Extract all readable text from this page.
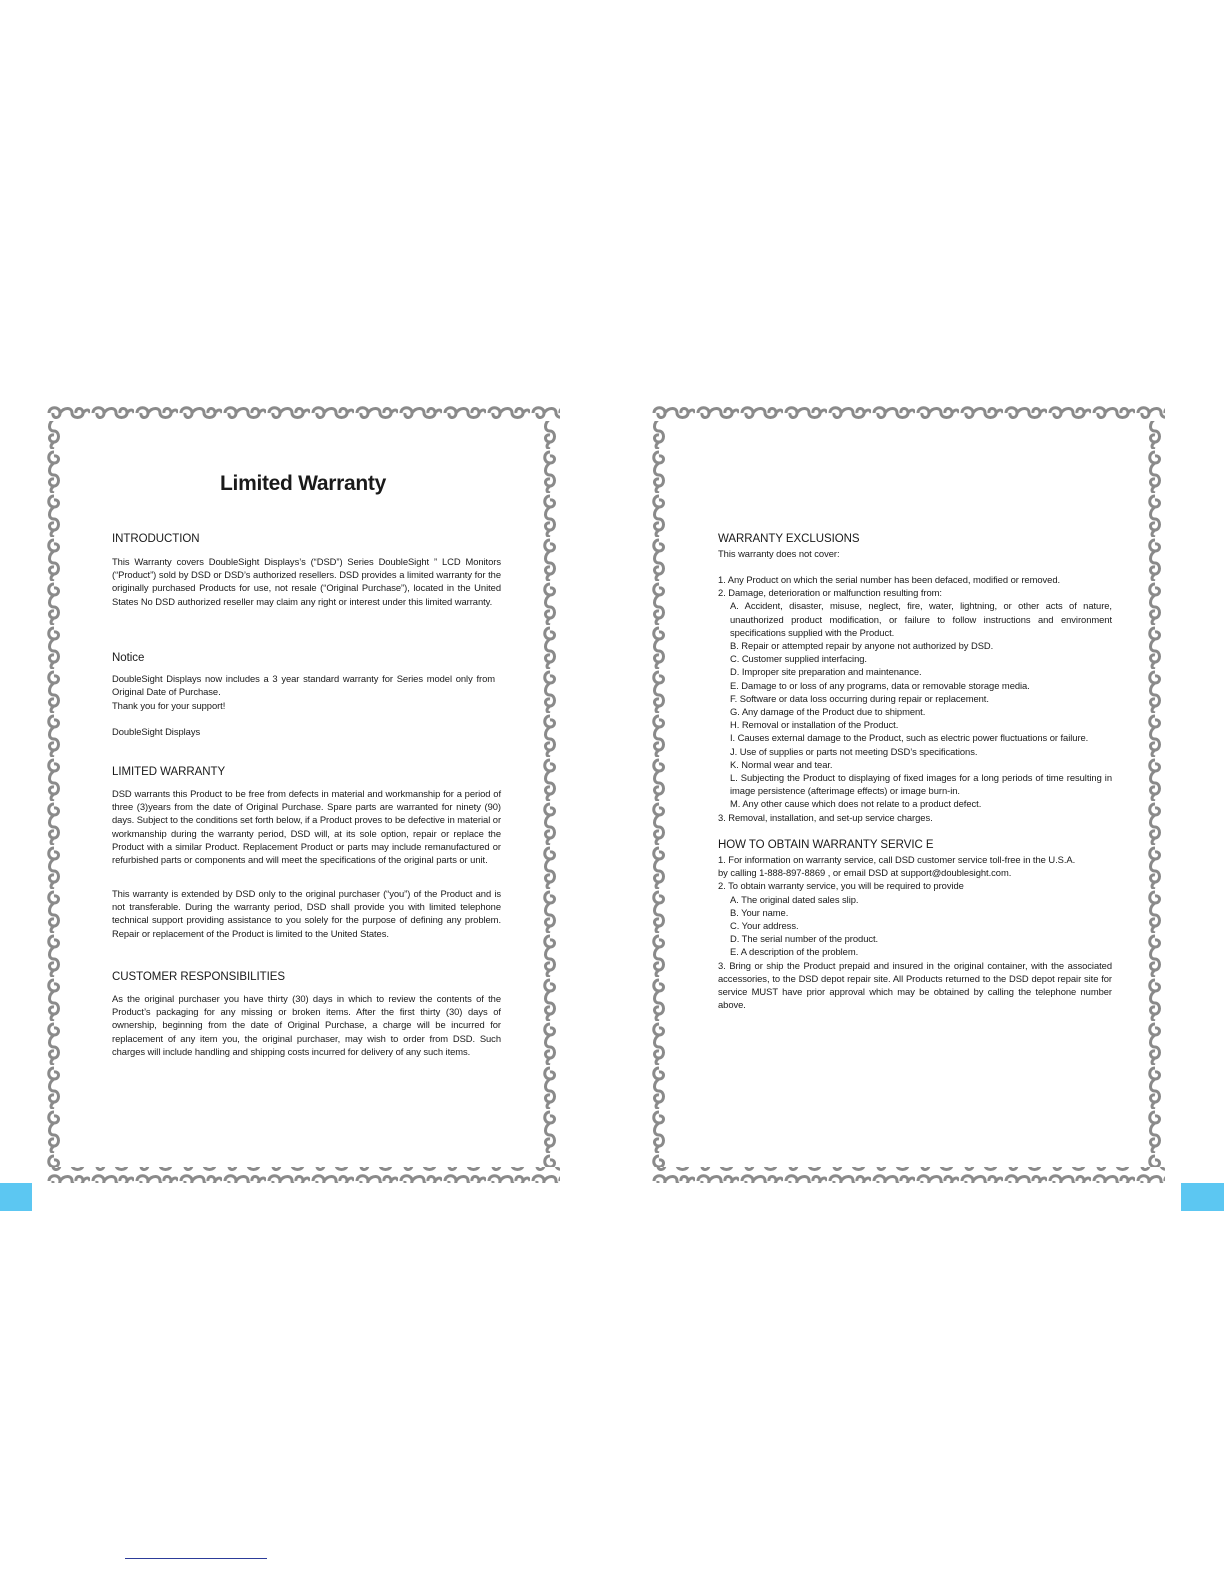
Limited Warranty
INTRODUCTION

This Warranty covers DoubleSight Displays’s (“DSD”) Series DoubleSight ” LCD Monitors (“Product”) sold by DSD or DSD’s authorized resellers. DSD provides a limited warranty for the originally purchased Products for use, not resale (“Original Purchase”), located in the United States No DSD authorized reseller may claim any right or interest under this limited warranty.

Notice

DoubleSight Displays now includes a 3 year standard warranty for Series model only from Original Date of Purchase.

Thank you for your support!

DoubleSight Displays

LIMITED WARRANTY

DSD warrants this Product to be free from defects in material and workmanship for a period of three (3)years from the date of Original Purchase. Spare parts are warranted for ninety (90) days. Subject to the conditions set forth below, if a Product proves to be defective in material or workmanship during the warranty period, DSD will, at its sole option, repair or replace the Product with a similar Product. Replacement Product or parts may include remanufactured or refurbished parts or components and will meet the specifications of the original parts or unit.

This warranty is extended by DSD only to the original purchaser (“you”) of the Product and is not transferable. During the warranty period, DSD shall provide you with limited telephone technical support providing assistance to you solely for the purpose of defining any problem. Repair or replacement of the Product is limited to the United States.

CUSTOMER RESPONSIBILITIES

As the original purchaser you have thirty (30) days in which to review the contents of the Product’s packaging for any missing or broken items. After the first thirty (30) days of ownership, beginning from the date of Original Purchase, a charge will be incurred for replacement of any item you, the original purchaser, may wish to order from DSD. Such charges will include handling and shipping costs incurred for delivery of any such items.

WARRANTY EXCLUSIONS
This warranty does not cover:
1. Any Product on which the serial number has been defaced, modified or removed.
2. Damage, deterioration or malfunction resulting from:
A. Accident, disaster, misuse, neglect, fire, water, lightning, or other acts of nature, unauthorized product modification, or failure to follow instructions and environment specifications supplied with the Product.
B. Repair or attempted repair by anyone not authorized by DSD.
C. Customer supplied interfacing.
D. Improper site preparation and maintenance.
E. Damage to or loss of any programs, data or removable storage media.
F. Software or data loss occurring during repair or replacement.
G. Any damage of the Product due to shipment.
H. Removal or installation of the Product.
I. Causes external damage to the Product, such as electric power fluctuations or failure.
J. Use of supplies or parts not meeting DSD’s specifications.
K. Normal wear and tear.
L. Subjecting the Product to displaying of fixed images for a long periods of time resulting in image persistence (afterimage effects) or image burn-in.
M. Any other cause which does not relate to a product defect.
3. Removal, installation, and set-up service charges.
HOW TO OBTAIN WARRANTY SERVIC E
1. For information on warranty service, call DSD customer service toll-free in the U.S.A.
by calling 1-888-897-8869 , or email DSD at support@doublesight.com.
2. To obtain warranty service, you will be required to provide
A. The original dated sales slip.
B. Your name.
C. Your address.
D. The serial number of the product.
E. A description of the problem.
3. Bring or ship the Product prepaid and insured in the original container, with the associated accessories, to the DSD depot repair site. All Products returned to the DSD depot repair site for service MUST have prior approval which may be obtained by calling the telephone number above.
